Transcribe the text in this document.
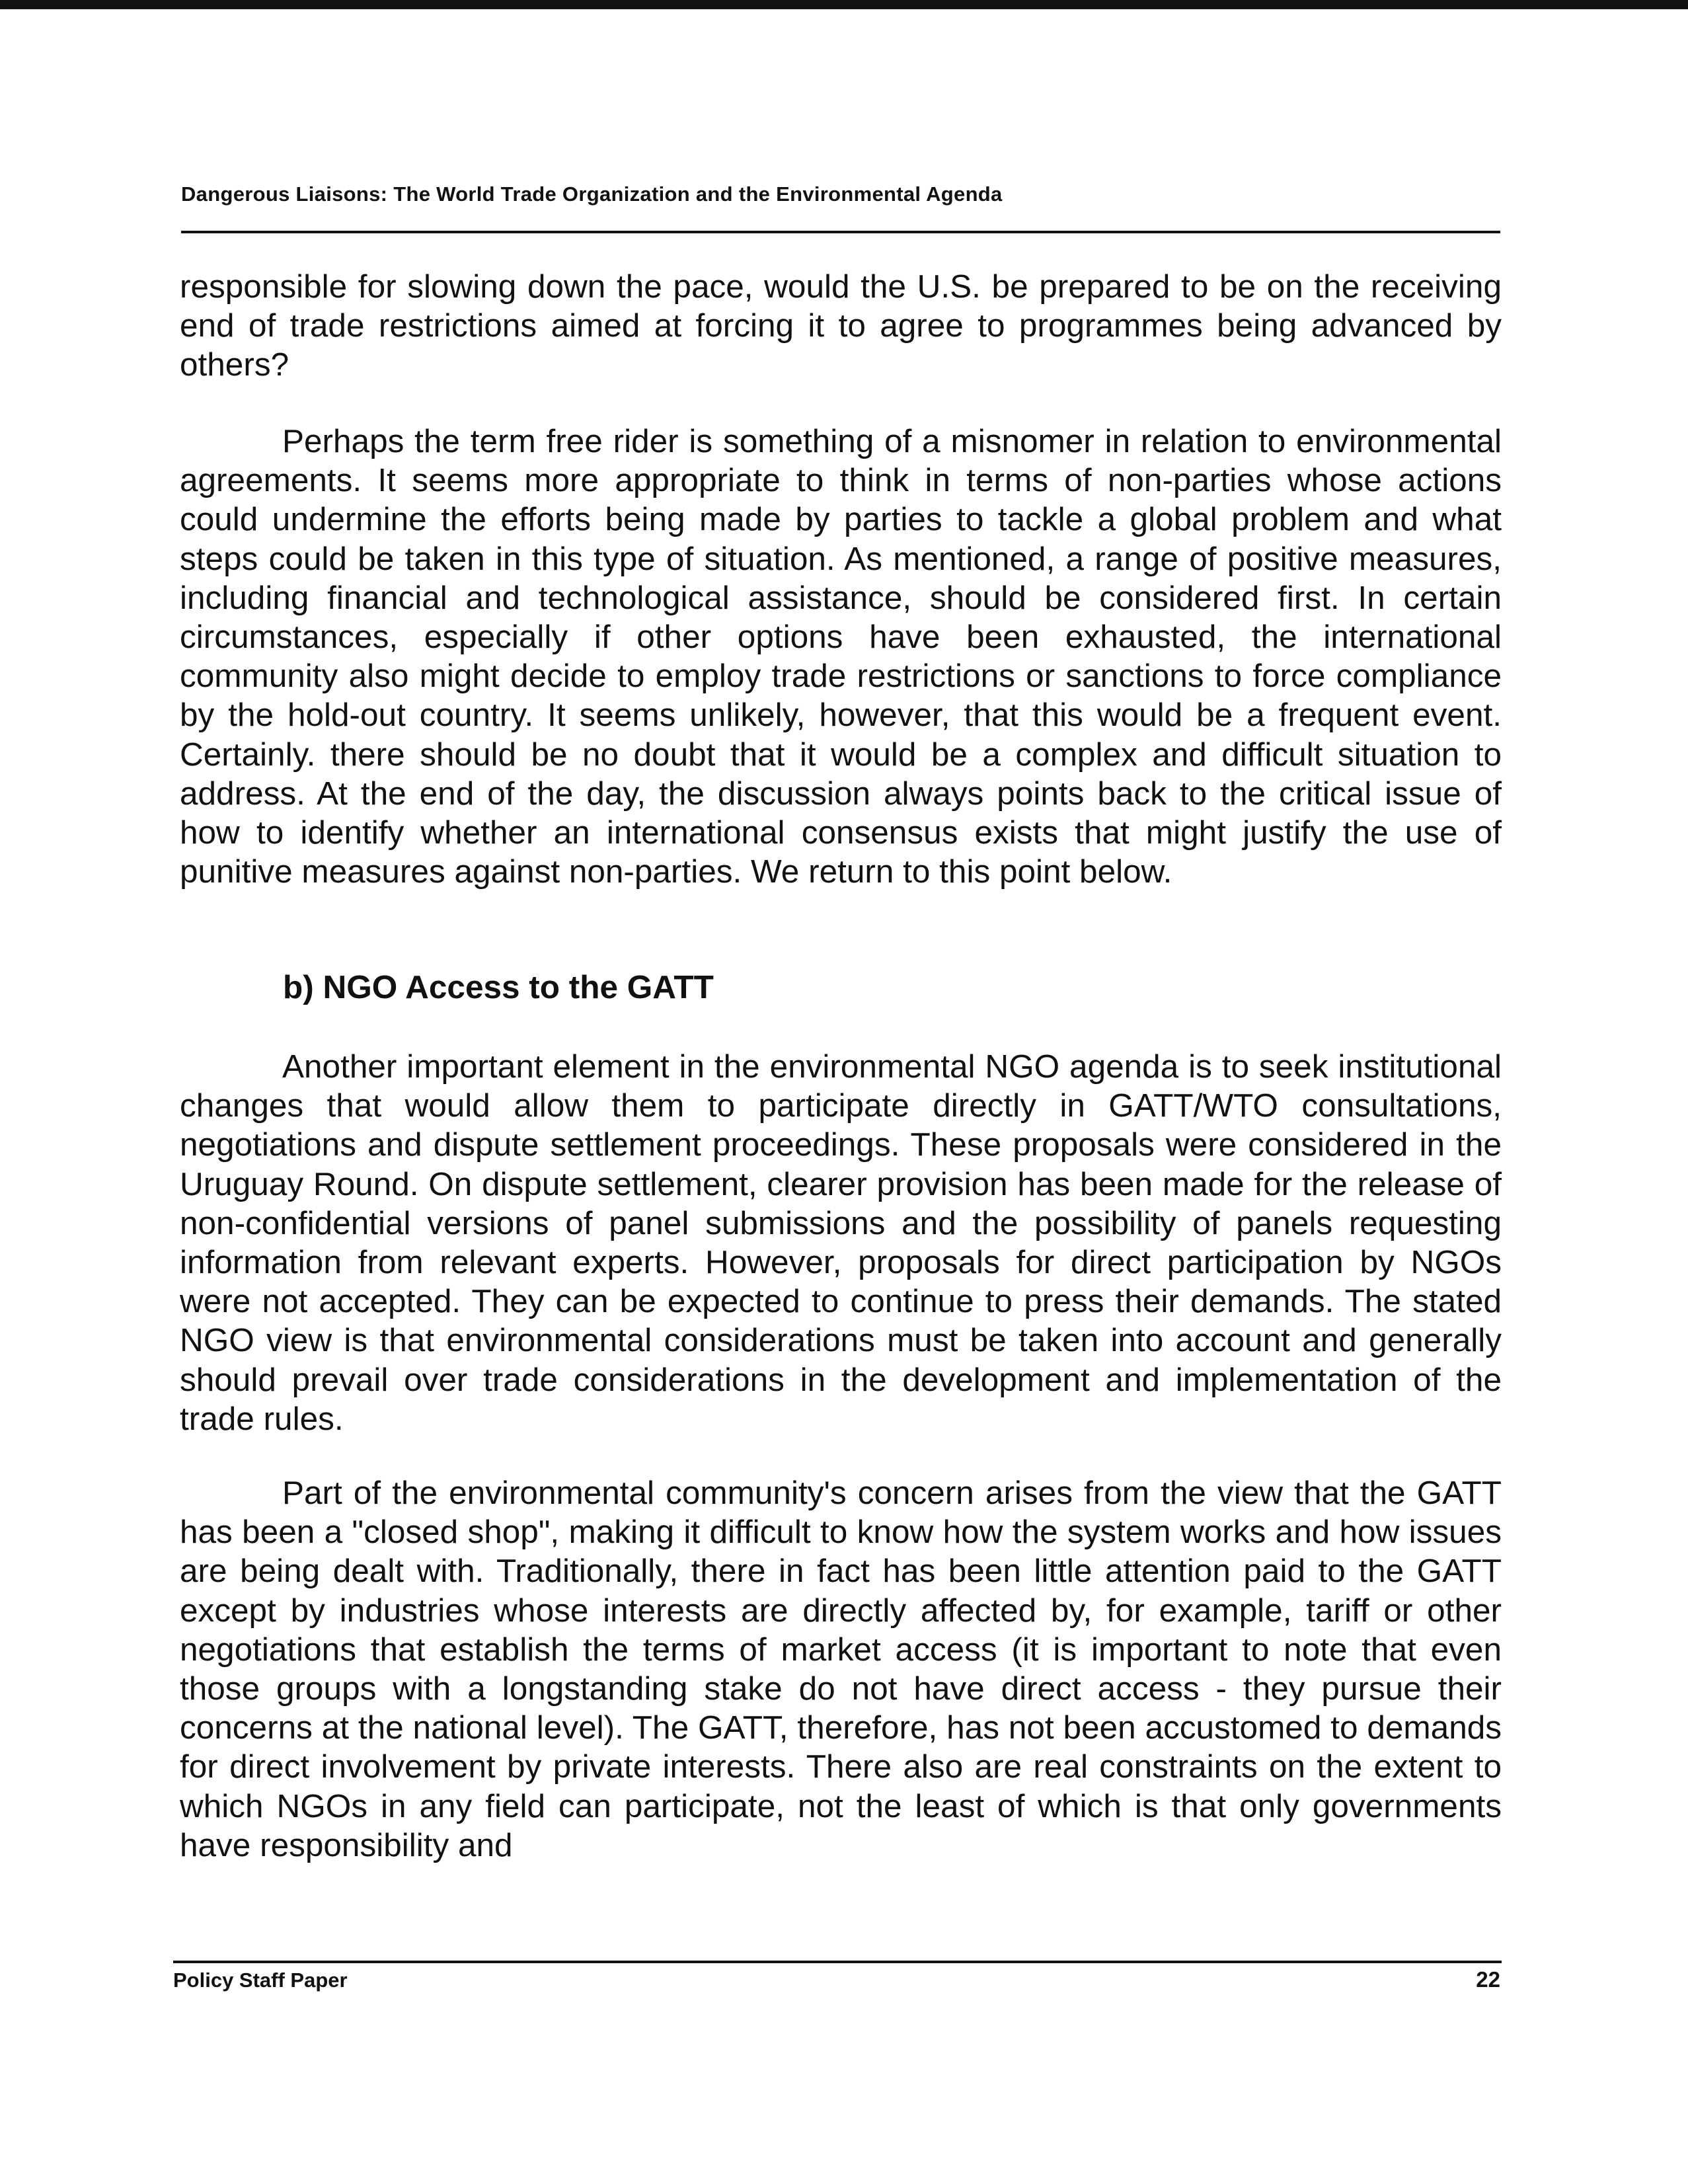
Dangerous Liaisons: The World Trade Organization and the Environmental Agenda

responsible for slowing down the pace, would the U.S. be prepared to be on the receiving end of trade restrictions aimed at forcing it to agree to programmes being advanced by others?

Perhaps the term free rider is something of a misnomer in relation to environmental agreements. It seems more appropriate to think in terms of non-parties whose actions could undermine the efforts being made by parties to tackle a global problem and what steps could be taken in this type of situation. As mentioned, a range of positive measures, including financial and technological assistance, should be considered first. In certain circumstances, especially if other options have been exhausted, the international community also might decide to employ trade restrictions or sanctions to force compliance by the hold-out country. It seems unlikely, however, that this would be a frequent event. Certainly. there should be no doubt that it would be a complex and difficult situation to address. At the end of the day, the discussion always points back to the critical issue of how to identify whether an international consensus exists that might justify the use of punitive measures against non-parties. We return to this point below.

b) NGO Access to the GATT

Another important element in the environmental NGO agenda is to seek institutional changes that would allow them to participate directly in GATT/WTO consultations, negotiations and dispute settlement proceedings. These proposals were considered in the Uruguay Round. On dispute settlement, clearer provision has been made for the release of non-confidential versions of panel submissions and the possibility of panels requesting information from relevant experts. However, proposals for direct participation by NGOs were not accepted. They can be expected to continue to press their demands. The stated NGO view is that environmental considerations must be taken into account and generally should prevail over trade considerations in the development and implementation of the trade rules.

Part of the environmental community's concern arises from the view that the GATT has been a "closed shop", making it difficult to know how the system works and how issues are being dealt with. Traditionally, there in fact has been little attention paid to the GATT except by industries whose interests are directly affected by, for example, tariff or other negotiations that establish the terms of market access (it is important to note that even those groups with a longstanding stake do not have direct access - they pursue their concerns at the national level). The GATT, therefore, has not been accustomed to demands for direct involvement by private interests. There also are real constraints on the extent to which NGOs in any field can participate, not the least of which is that only governments have responsibility and

Policy Staff Paper	22
